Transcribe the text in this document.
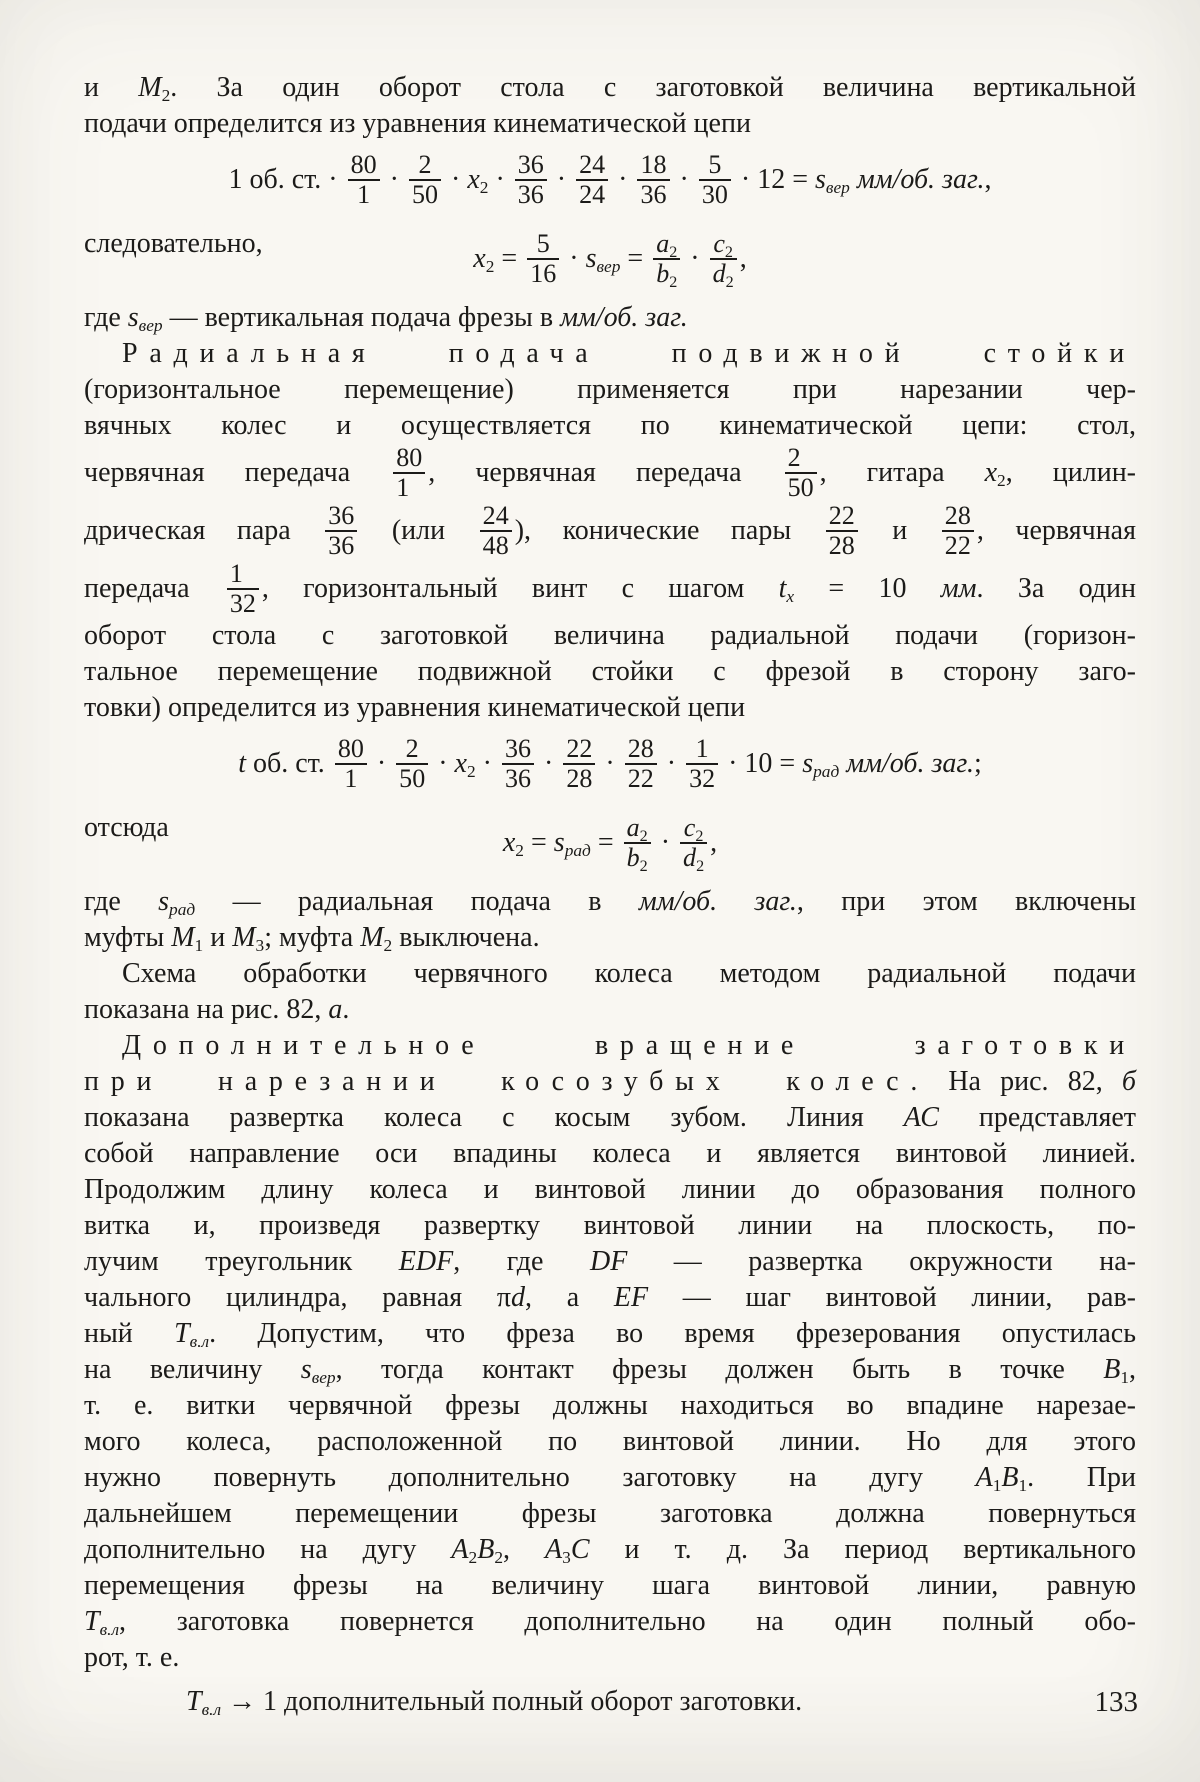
и $М_2$. За один оборот стола с заготовкой величина вертикальной
подачи определится из уравнения кинематической цепи
1 об. ст. · $\frac{80}{1} \cdot \frac{2}{50} \cdot x_2 \cdot \frac{36}{36} \cdot \frac{24}{24} \cdot \frac{18}{36} \cdot \frac{5}{30} \cdot 12 = s_{вер}$ мм/об. заг.,
следовательно,	$x_2 = \frac{5}{16} \cdot s_{вер} = \frac{a_2}{b_2} \cdot \frac{c_2}{d_2}$ ,
где $s_{вер}$ — вертикальная подача фрезы в мм/об. заг.
Радиальная подача подвижной стойки
(горизонтальное перемещение) применяется при нарезании чер-
вячных колес и осуществляется по кинематической цепи: стол,
червячная передача $\frac{80}{1}$ , червячная передача $\frac{2}{50}$ , гитара $x_2$, цилин-
дрическая пара $\frac{36}{36} (или \frac{24}{48}$ ), конические пары $\frac{22}{28}$ и $\frac{28}{22}$ , червячная
передача $\frac{1}{32}$ , горизонтальный винт с шагом $t_x = 10$ мм. За один
оборот стола с заготовкой величина радиальной подачи (горизон-
тальное перемещение подвижной стойки с фрезой в сторону заго-
товки) определится из уравнения кинематической цепи
t об. ст. $\frac{80}{1} \cdot \frac{2}{50} \cdot x_2 \cdot \frac{36}{36} \cdot \frac{22}{28} \cdot \frac{28}{22} \cdot \frac{1}{32} \cdot 10 = s_{рад}$ мм/об. заг.;
отсюда	$x_2 = s_{рад} = \frac{a_2}{b_2} \cdot \frac{c_2}{d_2}$ ,
где $s_{рад}$ — радиальная подача в мм/об. заг., при этом включены
муфты $М_1$ и $М_3$; муфта $М_2$ выключена.
Схема обработки червячного колеса методом радиальной подачи
показана на рис. 82, а.
Дополнительное вращение заготовки
при нарезании косозубых колес. На рис. 82, б
показана развертка колеса с косым зубом. Линия АС представляет
собой направление оси впадины колеса и является винтовой линией.
Продолжим длину колеса и винтовой линии до образования полного
витка и, произведя развертку винтовой линии на плоскость, по-
лучим треугольник EDF, где DF — развертка окружности на-
чального цилиндра, равная πd, а EF — шаг винтовой линии, рав-
ный $Т_{в.л}$. Допустим, что фреза во время фрезерования опустилась
на величину $s_{вер}$, тогда контакт фрезы должен быть в точке $В_1$,
т. е. витки червячной фрезы должны находиться во впадине нарезае-
мого колеса, расположенной по винтовой линии. Но для этого
нужно повернуть дополнительно заготовку на дугу $А_1В_1$. При
дальнейшем перемещении фрезы заготовка должна повернуться
дополнительно на дугу $А_2В_2$, $А_3С$ и т. д. За период вертикального
перемещения фрезы на величину шага винтовой линии, равную
$Т_{в.л}$, заготовка повернется дополнительно на один полный обо-
рот, т. е.
$Т_{в.л} \to 1$ дополнительный полный оборот заготовки.	133
